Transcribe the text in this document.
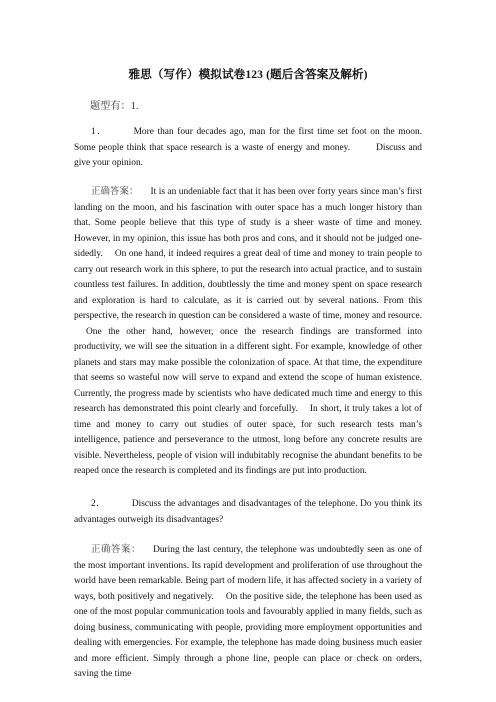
雅思（写作）模拟试卷123 (题后含答案及解析)
题型有：1.
1．	More than four decades ago, man for the first time set foot on the moon. Some people think that space research is a waste of energy and money.	Discuss and give your opinion.
正确答案： It is an undeniable fact that it has been over forty years since man’s first landing on the moon, and his fascination with outer space has a much longer history than that. Some people believe that this type of study is a sheer waste of time and money. However, in my opinion, this issue has both pros and cons, and it should not be judged one-sidedly. On one hand, it indeed requires a great deal of time and money to train people to carry out research work in this sphere, to put the research into actual practice, and to sustain countless test failures. In addition, doubtlessly the time and money spent on space research and exploration is hard to calculate, as it is carried out by several nations. From this perspective, the research in question can be considered a waste of time, money and resource.One the other hand, however, once the research findings are transformed into productivity, we will see the situation in a different sight. For example, knowledge of other planets and stars may make possible the colonization of space. At that time, the expenditure that seems so wasteful now will serve to expand and extend the scope of human existence. Currently, the progress made by scientists who have dedicated much time and energy to this research has demonstrated this point clearly and forcefully. In short, it truly takes a lot of time and money to carry out studies of outer space, for such research tests man’s intelligence, patience and perseverance to the utmost, long before any concrete results are visible. Nevertheless, people of vision will indubitably recognise the abundant benefits to be reaped once the research is completed and its findings are put into production.
2．	Discuss the advantages and disadvantages of the telephone. Do you think its advantages outweigh its disadvantages?
正确答案： During the last century, the telephone was undoubtedly seen as one of the most important inventions. Its rapid development and proliferation of use throughout the world have been remarkable. Being part of modern life, it has affected society in a variety of ways, both positively and negatively. On the positive side, the telephone has been used as one of the most popular communication tools and favourably applied in many fields, such as doing business, communicating with people, providing more employment opportunities and dealing with emergencies. For example, the telephone has made doing business much easier and more efficient. Simply through a phone line, people can place or check on orders, saving the time
